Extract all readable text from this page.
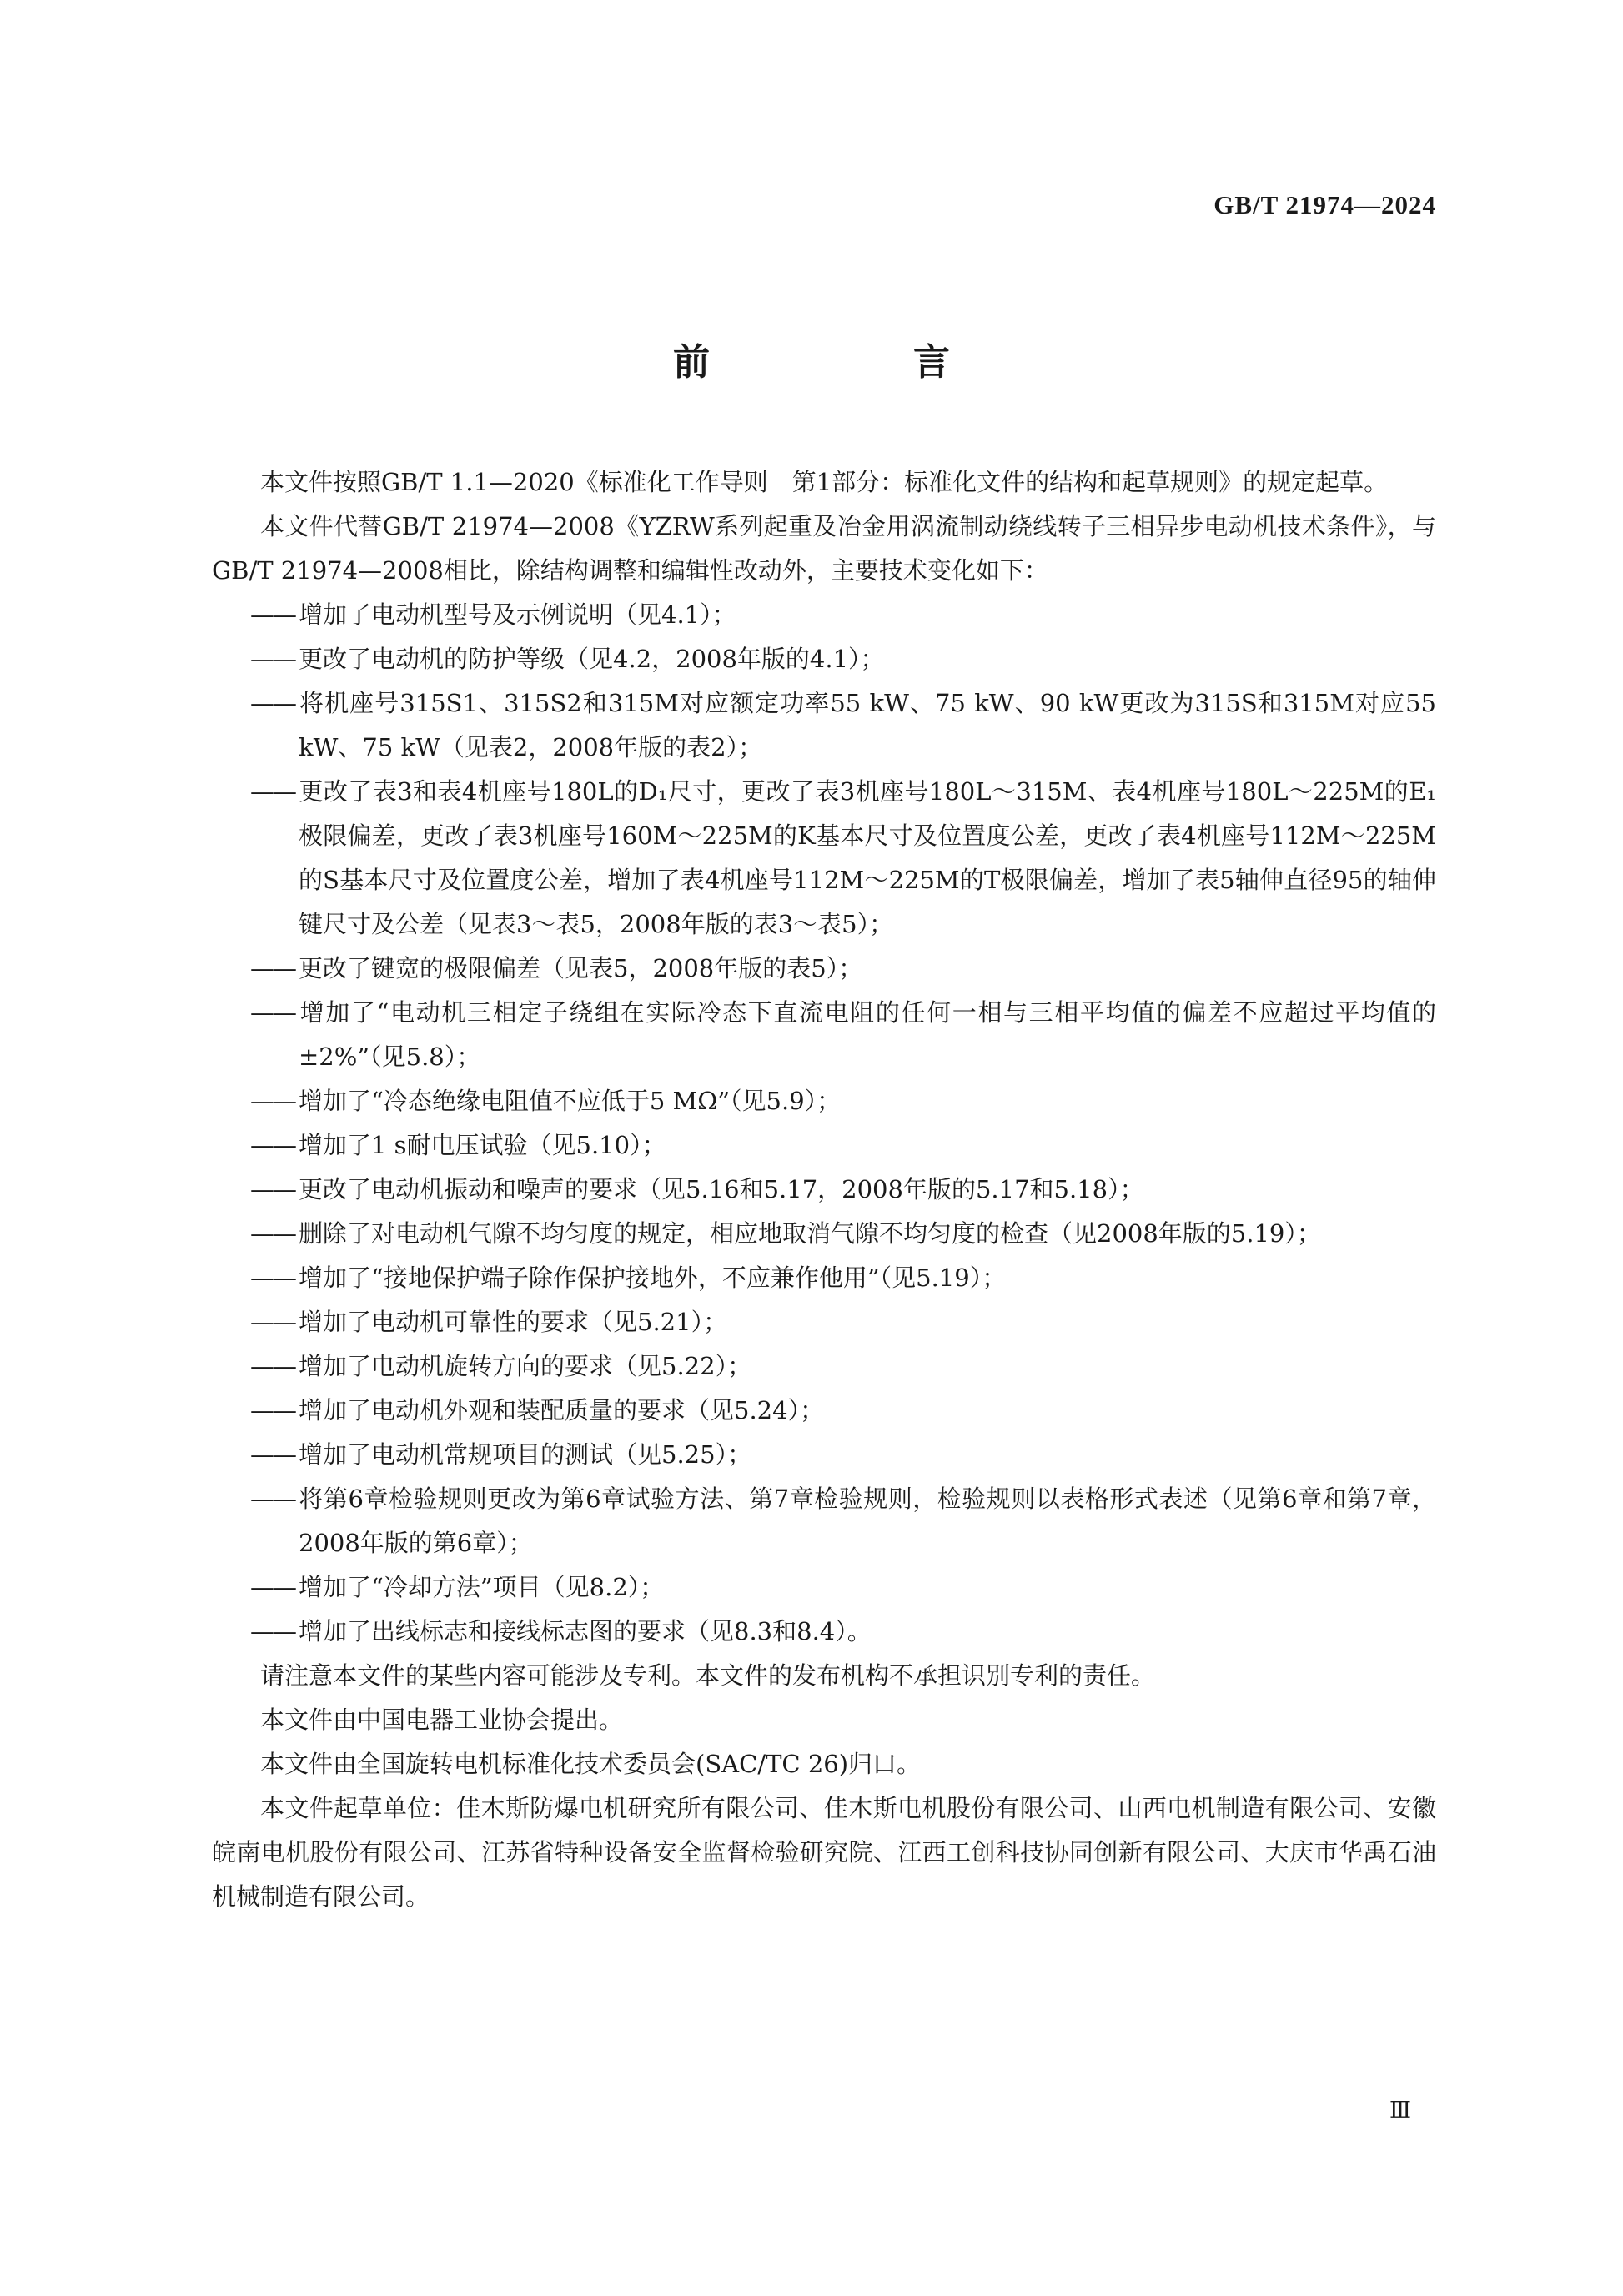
GB/T 21974—2024
前　言

本文件按照GB/T 1.1—2020《标准化工作导则　第1部分：标准化文件的结构和起草规则》的规定起草。

本文件代替GB/T 21974—2008《YZRW系列起重及冶金用涡流制动绕线转子三相异步电动机技术条件》，与GB/T 21974—2008相比，除结构调整和编辑性改动外，主要技术变化如下：

—— 增加了电动机型号及示例说明（见4.1）；

—— 更改了电动机的防护等级（见4.2，2008年版的4.1）；

—— 将机座号315S1、315S2和315M对应额定功率55 kW、75 kW、90 kW更改为315S和315M对应55 kW、75 kW（见表2，2008年版的表2）；

—— 更改了表3和表4机座号180L的D₁尺寸，更改了表3机座号180L～315M、表4机座号180L～225M的E₁极限偏差，更改了表3机座号160M～225M的K基本尺寸及位置度公差，更改了表4机座号112M～225M的S基本尺寸及位置度公差，增加了表4机座号112M～225M的T极限偏差，增加了表5轴伸直径95的轴伸键尺寸及公差（见表3～表5，2008年版的表3～表5）；

—— 更改了键宽的极限偏差（见表5，2008年版的表5）；

—— 增加了“电动机三相定子绕组在实际冷态下直流电阻的任何一相与三相平均值的偏差不应超过平均值的±2%”（见5.8）；

—— 增加了“冷态绝缘电阻值不应低于5 MΩ”（见5.9）；

—— 增加了1 s耐电压试验（见5.10）；

—— 更改了电动机振动和噪声的要求（见5.16和5.17，2008年版的5.17和5.18）；

—— 删除了对电动机气隙不均匀度的规定，相应地取消气隙不均匀度的检查（见2008年版的5.19）；

—— 增加了“接地保护端子除作保护接地外，不应兼作他用”（见5.19）；

—— 增加了电动机可靠性的要求（见5.21）；

—— 增加了电动机旋转方向的要求（见5.22）；

—— 增加了电动机外观和装配质量的要求（见5.24）；

—— 增加了电动机常规项目的测试（见5.25）；

—— 将第6章检验规则更改为第6章试验方法、第7章检验规则，检验规则以表格形式表述（见第6章和第7章，2008年版的第6章）；

—— 增加了“冷却方法”项目（见8.2）；

—— 增加了出线标志和接线标志图的要求（见8.3和8.4）。

请注意本文件的某些内容可能涉及专利。本文件的发布机构不承担识别专利的责任。

本文件由中国电器工业协会提出。

本文件由全国旋转电机标准化技术委员会(SAC/TC 26)归口。

本文件起草单位：佳木斯防爆电机研究所有限公司、佳木斯电机股份有限公司、山西电机制造有限公司、安徽皖南电机股份有限公司、江苏省特种设备安全监督检验研究院、江西工创科技协同创新有限公司、大庆市华禹石油机械制造有限公司。

Ⅲ
